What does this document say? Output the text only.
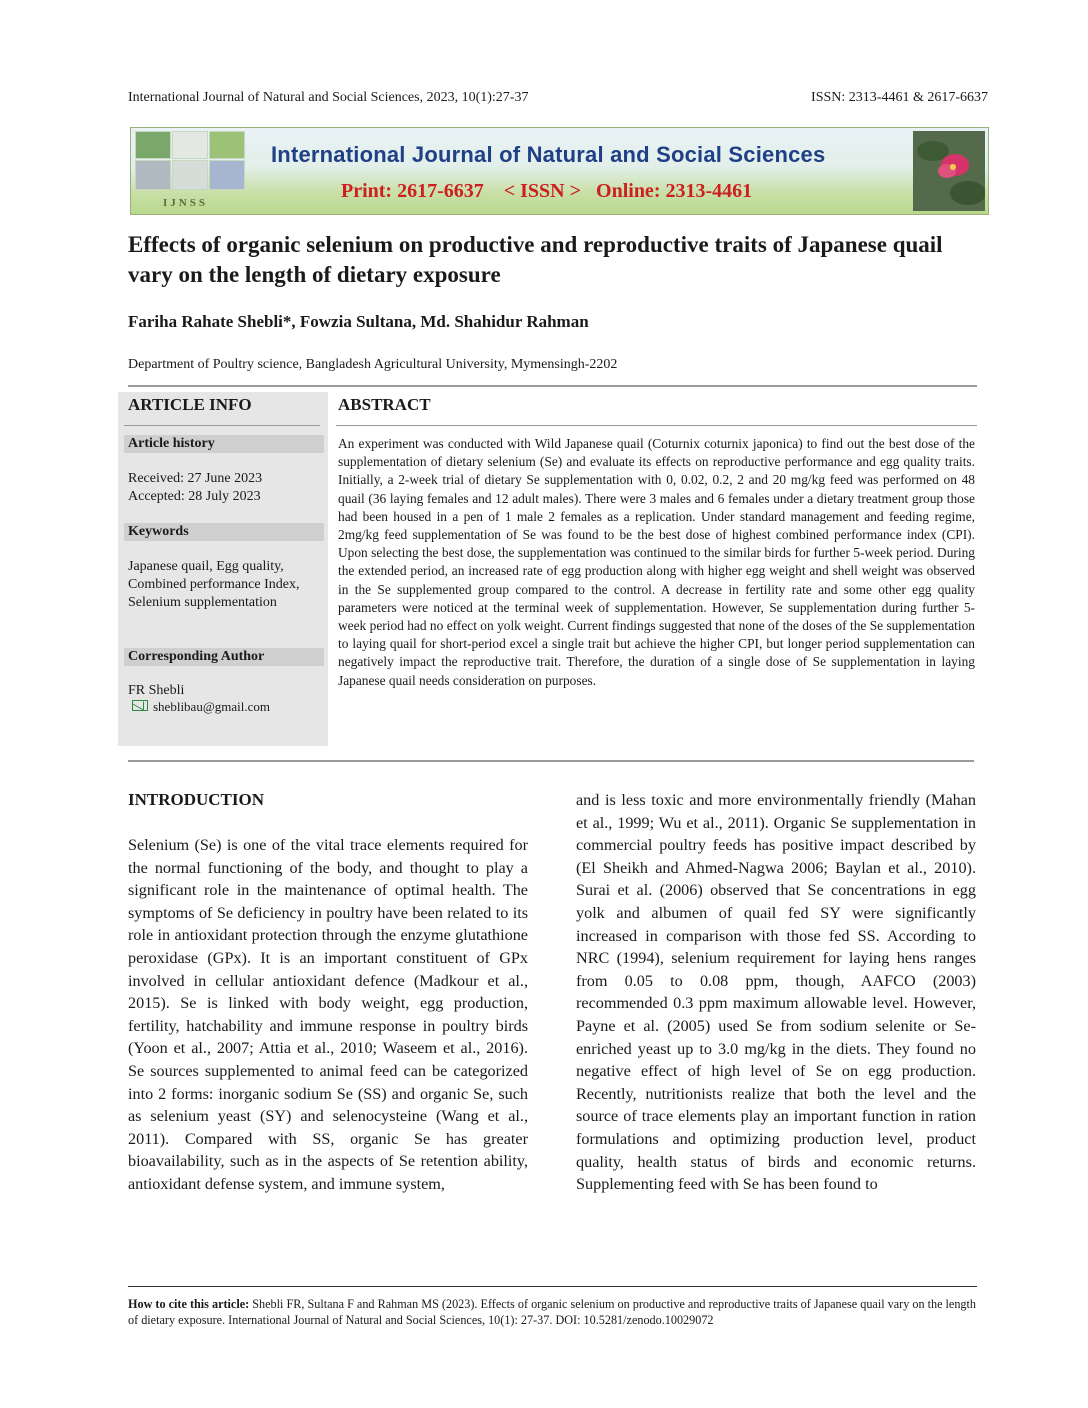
International Journal of Natural and Social Sciences, 2023, 10(1):27-37	ISSN: 2313-4461 & 2617-6637
IJNSS
International Journal of Natural and Social Sciences
Print: 2617-6637    < ISSN >   Online: 2313-4461
Effects of organic selenium on productive and reproductive traits of Japanese quail vary on the length of dietary exposure
Fariha Rahate Shebli*, Fowzia Sultana, Md. Shahidur Rahman
Department of Poultry science, Bangladesh Agricultural University, Mymensingh-2202
ARTICLE INFO
Article history
Received: 27 June 2023
Accepted: 28 July 2023
Keywords
Japanese quail, Egg quality, Combined performance Index, Selenium supplementation
Corresponding Author
FR Shebli
sheblibau@gmail.com
ABSTRACT
An experiment was conducted with Wild Japanese quail (Coturnix coturnix japonica) to find out the best dose of the supplementation of dietary selenium (Se) and evaluate its effects on reproductive performance and egg quality traits. Initially, a 2-week trial of dietary Se supplementation with 0, 0.02, 0.2, 2 and 20 mg/kg feed was performed on 48 quail (36 laying females and 12 adult males). There were 3 males and 6 females under a dietary treatment group those had been housed in a pen of 1 male 2 females as a replication. Under standard management and feeding regime, 2mg/kg feed supplementation of Se was found to be the best dose of highest combined performance index (CPI). Upon selecting the best dose, the supplementation was continued to the similar birds for further 5-week period. During the extended period, an increased rate of egg production along with higher egg weight and shell weight was observed in the Se supplemented group compared to the control. A decrease in fertility rate and some other egg quality parameters were noticed at the terminal week of supplementation. However, Se supplementation during further 5-week period had no effect on yolk weight. Current findings suggested that none of the doses of the Se supplementation to laying quail for short-period excel a single trait but achieve the higher CPI, but longer period supplementation can negatively impact the reproductive trait. Therefore, the duration of a single dose of Se supplementation in laying Japanese quail needs consideration on purposes.
INTRODUCTION
Selenium (Se) is one of the vital trace elements required for the normal functioning of the body, and thought to play a significant role in the maintenance of optimal health. The symptoms of Se deficiency in poultry have been related to its role in antioxidant protection through the enzyme glutathione peroxidase (GPx). It is an important constituent of GPx involved in cellular antioxidant defence (Madkour et al., 2015). Se is linked with body weight, egg production, fertility, hatchability and immune response in poultry birds (Yoon et al., 2007; Attia et al., 2010; Waseem et al., 2016). Se sources supplemented to animal feed can be categorized into 2 forms: inorganic sodium Se (SS) and organic Se, such as selenium yeast (SY) and selenocysteine (Wang et al., 2011). Compared with SS, organic Se has greater bioavailability, such as in the aspects of Se retention ability, antioxidant defense system, and immune system,
and is less toxic and more environmentally friendly (Mahan et al., 1999; Wu et al., 2011). Organic Se supplementation in commercial poultry feeds has positive impact described by (El Sheikh and Ahmed-Nagwa 2006; Baylan et al., 2010). Surai et al. (2006) observed that Se concentrations in egg yolk and albumen of quail fed SY were significantly increased in comparison with those fed SS. According to NRC (1994), selenium requirement for laying hens ranges from 0.05 to 0.08 ppm, though, AAFCO (2003) recommended 0.3 ppm maximum allowable level. However, Payne et al. (2005) used Se from sodium selenite or Se-enriched yeast up to 3.0 mg/kg in the diets. They found no negative effect of high level of Se on egg production. Recently, nutritionists realize that both the level and the source of trace elements play an important function in ration formulations and optimizing production level, product quality, health status of birds and economic returns. Supplementing feed with Se has been found to
How to cite this article: Shebli FR, Sultana F and Rahman MS (2023). Effects of organic selenium on productive and reproductive traits of Japanese quail vary on the length of dietary exposure. International Journal of Natural and Social Sciences, 10(1): 27-37. DOI: 10.5281/zenodo.10029072
